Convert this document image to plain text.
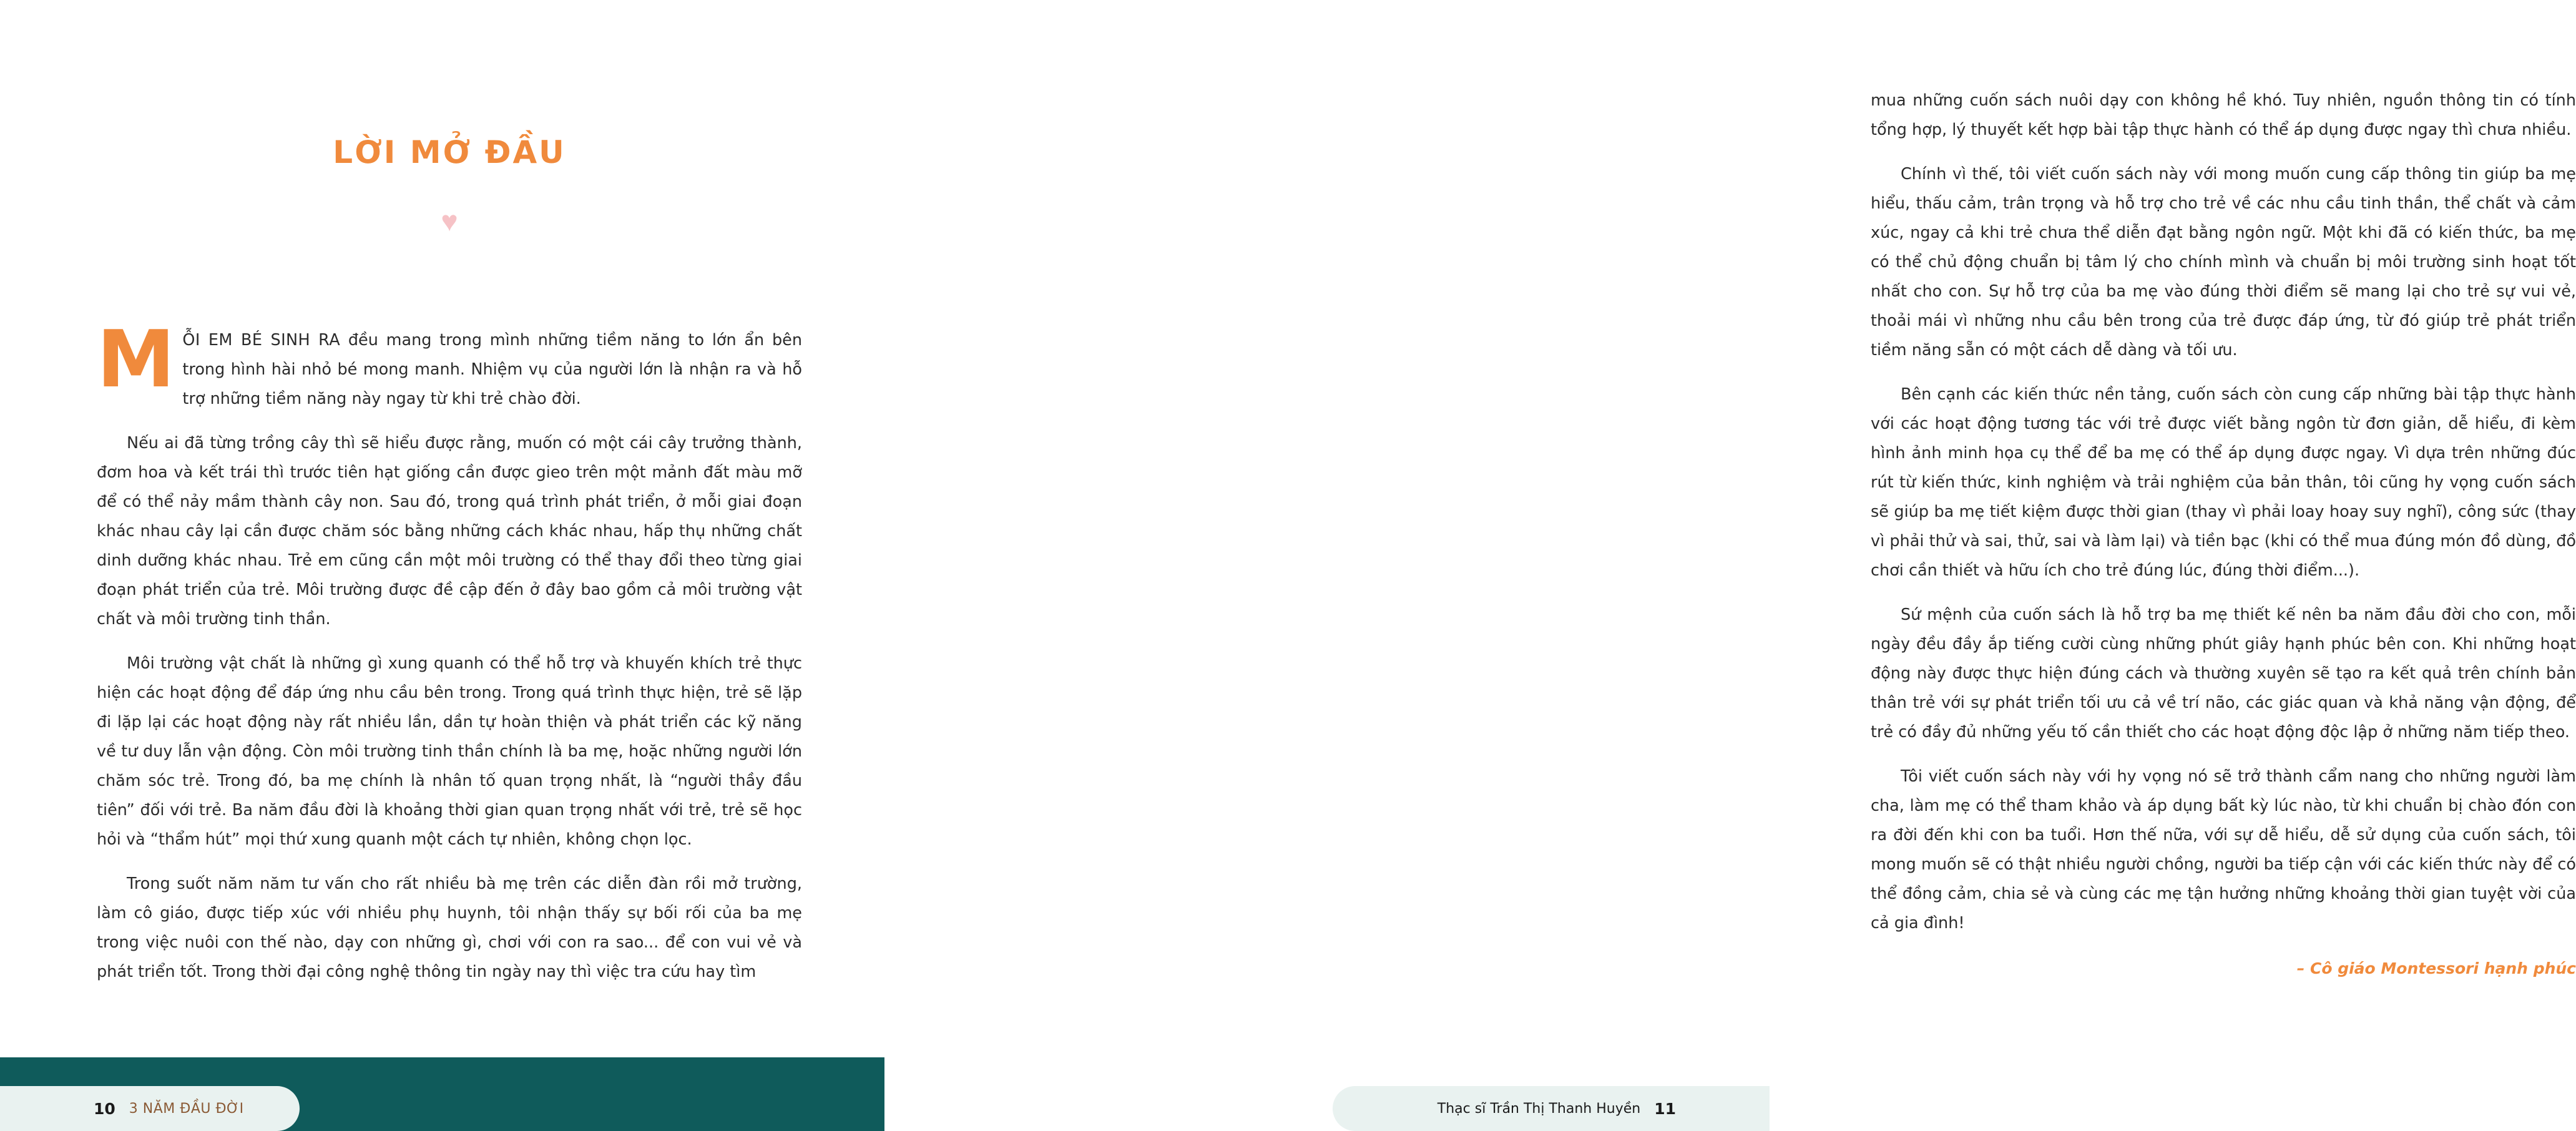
LỜI MỞ ĐẦU
♥
MỖI EM BÉ SINH RA đều mang trong mình những tiềm năng to lớn ẩn bên trong hình hài nhỏ bé mong manh. Nhiệm vụ của người lớn là nhận ra và hỗ trợ những tiềm năng này ngay từ khi trẻ chào đời.

Nếu ai đã từng trồng cây thì sẽ hiểu được rằng, muốn có một cái cây trưởng thành, đơm hoa và kết trái thì trước tiên hạt giống cần được gieo trên một mảnh đất màu mỡ để có thể nảy mầm thành cây non. Sau đó, trong quá trình phát triển, ở mỗi giai đoạn khác nhau cây lại cần được chăm sóc bằng những cách khác nhau, hấp thụ những chất dinh dưỡng khác nhau. Trẻ em cũng cần một môi trường có thể thay đổi theo từng giai đoạn phát triển của trẻ. Môi trường được đề cập đến ở đây bao gồm cả môi trường vật chất và môi trường tinh thần.

Môi trường vật chất là những gì xung quanh có thể hỗ trợ và khuyến khích trẻ thực hiện các hoạt động để đáp ứng nhu cầu bên trong. Trong quá trình thực hiện, trẻ sẽ lặp đi lặp lại các hoạt động này rất nhiều lần, dần tự hoàn thiện và phát triển các kỹ năng về tư duy lẫn vận động. Còn môi trường tinh thần chính là ba mẹ, hoặc những người lớn chăm sóc trẻ. Trong đó, ba mẹ chính là nhân tố quan trọng nhất, là “người thầy đầu tiên” đối với trẻ. Ba năm đầu đời là khoảng thời gian quan trọng nhất với trẻ, trẻ sẽ học hỏi và “thẩm hút” mọi thứ xung quanh một cách tự nhiên, không chọn lọc.

Trong suốt năm năm tư vấn cho rất nhiều bà mẹ trên các diễn đàn rồi mở trường, làm cô giáo, được tiếp xúc với nhiều phụ huynh, tôi nhận thấy sự bối rối của ba mẹ trong việc nuôi con thế nào, dạy con những gì, chơi với con ra sao... để con vui vẻ và phát triển tốt. Trong thời đại công nghệ thông tin ngày nay thì việc tra cứu hay tìm

10 3 NĂM ĐẦU ĐỜI

mua những cuốn sách nuôi dạy con không hề khó. Tuy nhiên, nguồn thông tin có tính tổng hợp, lý thuyết kết hợp bài tập thực hành có thể áp dụng được ngay thì chưa nhiều.

Chính vì thế, tôi viết cuốn sách này với mong muốn cung cấp thông tin giúp ba mẹ hiểu, thấu cảm, trân trọng và hỗ trợ cho trẻ về các nhu cầu tinh thần, thể chất và cảm xúc, ngay cả khi trẻ chưa thể diễn đạt bằng ngôn ngữ. Một khi đã có kiến thức, ba mẹ có thể chủ động chuẩn bị tâm lý cho chính mình và chuẩn bị môi trường sinh hoạt tốt nhất cho con. Sự hỗ trợ của ba mẹ vào đúng thời điểm sẽ mang lại cho trẻ sự vui vẻ, thoải mái vì những nhu cầu bên trong của trẻ được đáp ứng, từ đó giúp trẻ phát triển tiềm năng sẵn có một cách dễ dàng và tối ưu.

Bên cạnh các kiến thức nền tảng, cuốn sách còn cung cấp những bài tập thực hành với các hoạt động tương tác với trẻ được viết bằng ngôn từ đơn giản, dễ hiểu, đi kèm hình ảnh minh họa cụ thể để ba mẹ có thể áp dụng được ngay. Vì dựa trên những đúc rút từ kiến thức, kinh nghiệm và trải nghiệm của bản thân, tôi cũng hy vọng cuốn sách sẽ giúp ba mẹ tiết kiệm được thời gian (thay vì phải loay hoay suy nghĩ), công sức (thay vì phải thử và sai, thử, sai và làm lại) và tiền bạc (khi có thể mua đúng món đồ dùng, đồ chơi cần thiết và hữu ích cho trẻ đúng lúc, đúng thời điểm...).

Sứ mệnh của cuốn sách là hỗ trợ ba mẹ thiết kế nên ba năm đầu đời cho con, mỗi ngày đều đầy ắp tiếng cười cùng những phút giây hạnh phúc bên con. Khi những hoạt động này được thực hiện đúng cách và thường xuyên sẽ tạo ra kết quả trên chính bản thân trẻ với sự phát triển tối ưu cả về trí não, các giác quan và khả năng vận động, để trẻ có đầy đủ những yếu tố cần thiết cho các hoạt động độc lập ở những năm tiếp theo.

Tôi viết cuốn sách này với hy vọng nó sẽ trở thành cẩm nang cho những người làm cha, làm mẹ có thể tham khảo và áp dụng bất kỳ lúc nào, từ khi chuẩn bị chào đón con ra đời đến khi con ba tuổi. Hơn thế nữa, với sự dễ hiểu, dễ sử dụng của cuốn sách, tôi mong muốn sẽ có thật nhiều người chồng, người ba tiếp cận với các kiến thức này để có thể đồng cảm, chia sẻ và cùng các mẹ tận hưởng những khoảng thời gian tuyệt vời của cả gia đình!

– Cô giáo Montessori hạnh phúc
Thạc sĩ Trần Thị Thanh Huyền 11
